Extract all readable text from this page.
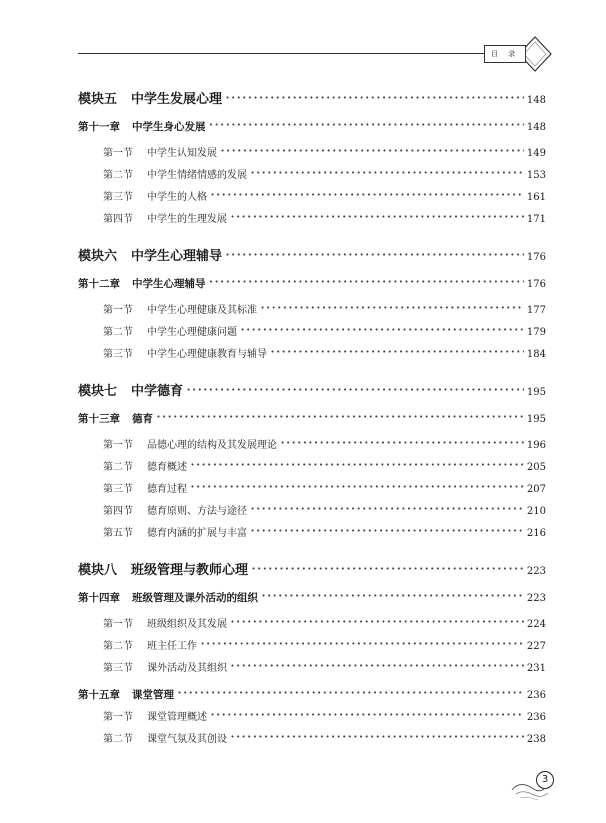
目 录
模块五 中学生发展心理 ·····	148
第十一章 中学生身心发展 ·····	148
第一节 中学生认知发展 ·····	149
第二节 中学生情绪情感的发展 ·····	153
第三节 中学生的人格 ·····	161
第四节 中学生的生理发展 ·····	171
模块六 中学生心理辅导 ·····	176
第十二章 中学生心理辅导 ·····	176
第一节 中学生心理健康及其标准 ·····	177
第二节 中学生心理健康问题 ·····	179
第三节 中学生心理健康教育与辅导 ·····	184
模块七 中学德育 ·····	195
第十三章 德育 ·····	195
第一节 品德心理的结构及其发展理论 ·····	196
第二节 德育概述 ·····	205
第三节 德育过程 ·····	207
第四节 德育原则、方法与途径 ·····	210
第五节 德育内涵的扩展与丰富 ·····	216
模块八 班级管理与教师心理 ·····	223
第十四章 班级管理及课外活动的组织 ·····	223
第一节 班级组织及其发展 ·····	224
第二节 班主任工作 ·····	227
第三节 课外活动及其组织 ·····	231
第十五章 课堂管理 ·····	236
第一节 课堂管理概述 ·····	236
第二节 课堂气氛及其创设 ·····	238
3
